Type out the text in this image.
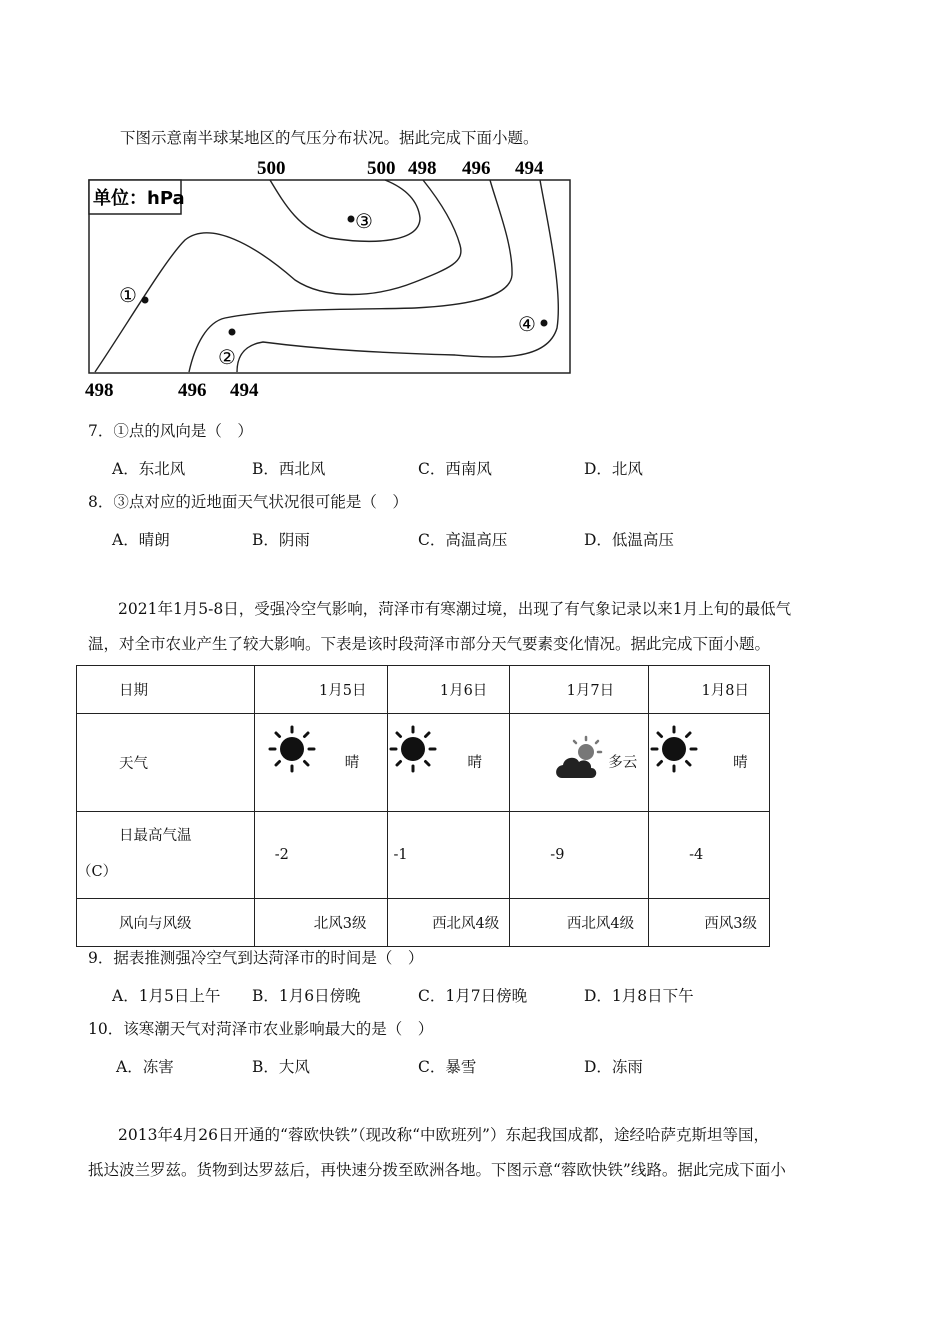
下图示意南半球某地区的气压分布状况。据此完成下面小题。
500	500 498 496 494
单位：hPa
①
②
③
④
498	496 494
7．①点的风向是（　）
A．东北风	B．西北风	C．西南风	D．北风
8．③点对应的近地面天气状况很可能是（　）
A．晴朗	B．阴雨	C．高温高压	D．低温高压
2021年1月5-8日，受强冷空气影响，菏泽市有寒潮过境，出现了有气象记录以来1月上旬的最低气
温，对全市农业产生了较大影响。下表是该时段菏泽市部分天气要素变化情况。据此完成下面小题。
日期	1月5日	1月6日	1月7日	1月8日
天气	晴	晴	多云	晴

日最高气温
（C）	-2	-1	-9	-4
风向与风级	北风3级	西北风4级	西北风4级	西风3级
9．据表推测强冷空气到达菏泽市的时间是（　）
A．1月5日上午 B．1月6日傍晚	C．1月7日傍晚	D．1月8日下午
10．该寒潮天气对菏泽市农业影响最大的是（　）
A．冻害	B．大风	C．暴雪	D．冻雨
2013年4月26日开通的“蓉欧快铁”（现改称“中欧班列”）东起我国成都，途经哈萨克斯坦等国，
抵达波兰罗兹。货物到达罗兹后，再快速分拨至欧洲各地。下图示意“蓉欧快铁”线路。据此完成下面小
